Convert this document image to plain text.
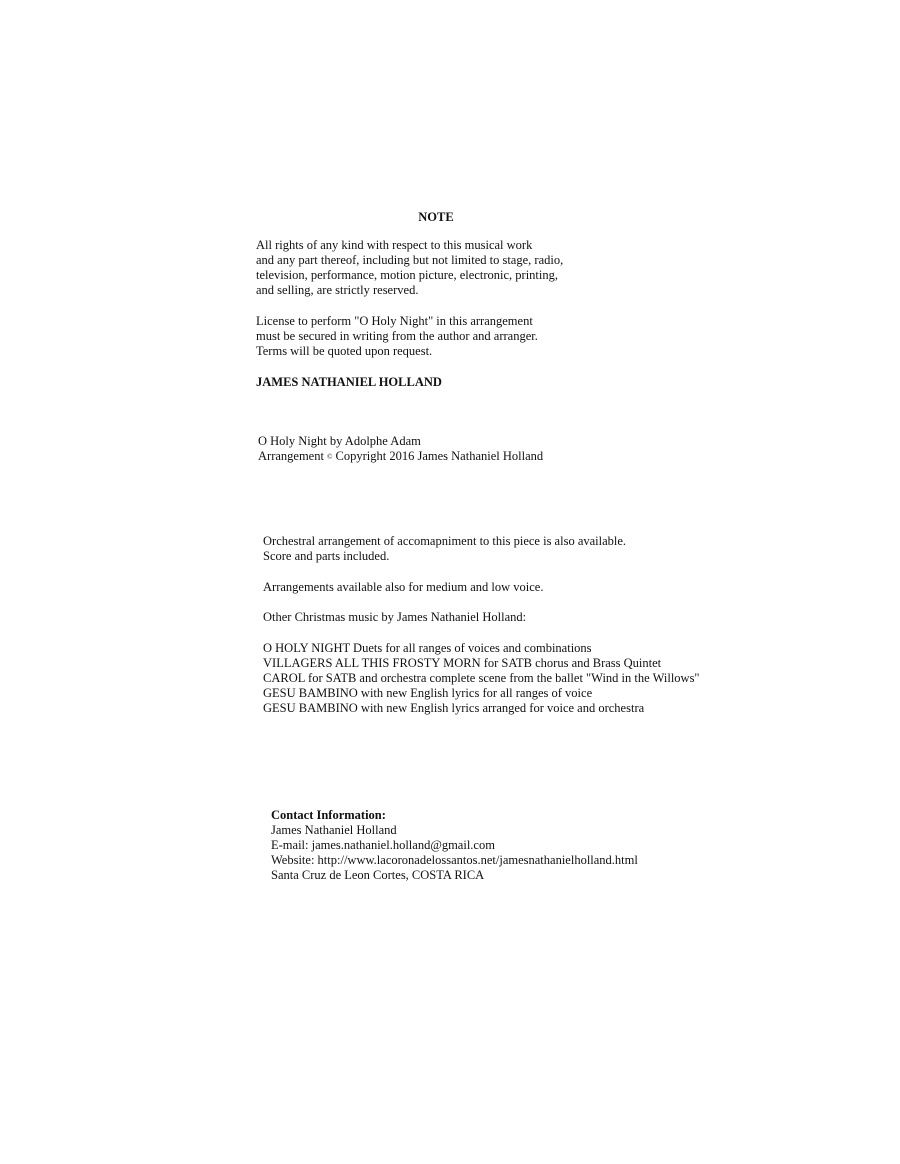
NOTE
All rights of any kind with respect to this musical work
and any part thereof, including but not limited to stage, radio,
television, performance, motion picture, electronic, printing,
and selling, are strictly reserved.
License to perform "O Holy Night" in this arrangement
must be secured in writing from the author and arranger.
Terms will be quoted upon request.
JAMES NATHANIEL HOLLAND
O Holy Night by Adolphe Adam
Arrangement © Copyright 2016 James Nathaniel Holland
Orchestral arrangement of accomapniment to this piece is also available.
Score and parts included.
Arrangements available also for medium and low voice.
Other Christmas music by James Nathaniel Holland:
O HOLY NIGHT Duets for all ranges of voices and combinations
VILLAGERS ALL THIS FROSTY MORN for SATB chorus and Brass Quintet
CAROL for SATB and orchestra complete scene from the ballet "Wind in the Willows"
GESU BAMBINO with new English lyrics for all ranges of voice
GESU BAMBINO with new English lyrics arranged for voice and orchestra
Contact Information:
James Nathaniel Holland
E-mail: james.nathaniel.holland@gmail.com
Website: http://www.lacoronadelossantos.net/jamesnathanielholland.html
Santa Cruz de Leon Cortes, COSTA RICA
